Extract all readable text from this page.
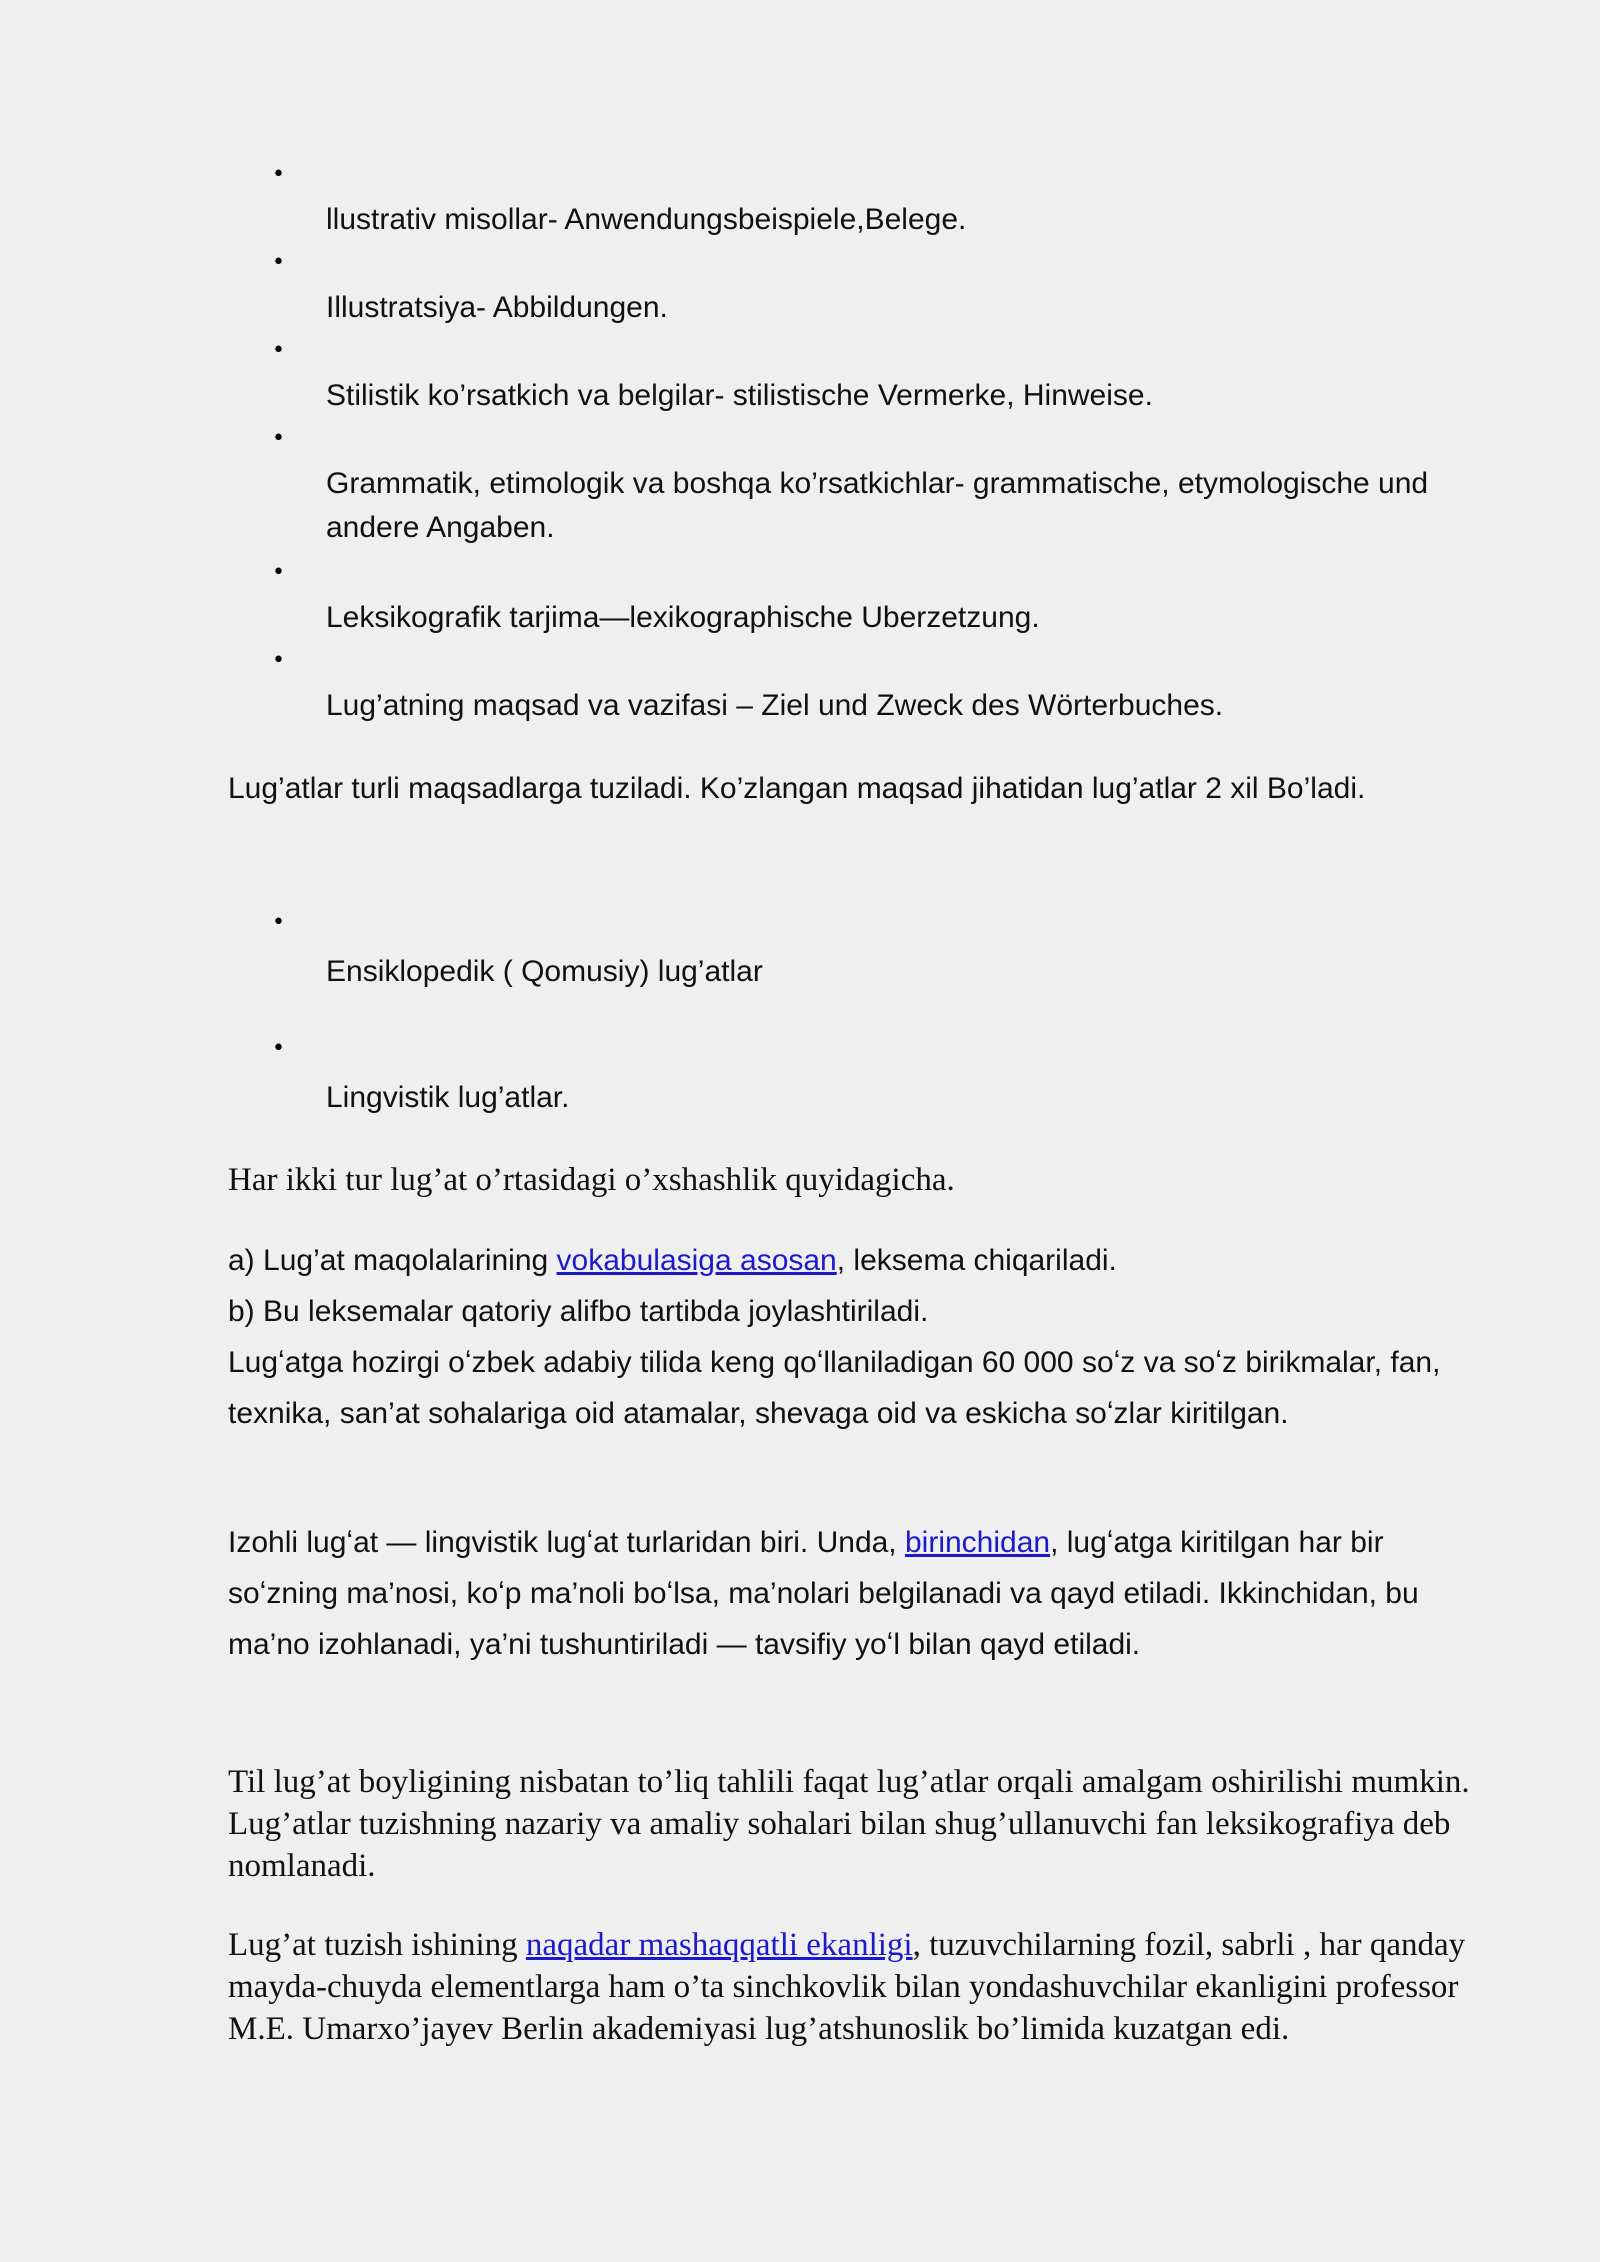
•
llustrativ misollar- Anwendungsbeispiele,Belege.
•
Illustratsiya- Abbildungen.
•
Stilistik ko’rsatkich va belgilar- stilistische Vermerke, Hinweise.
•
Grammatik, etimologik va boshqa ko’rsatkichlar- grammatische, etymologische und andere Angaben.
•
Leksikografik tarjima—lexikographische Uberzetzung.
•
Lug’atning maqsad va vazifasi – Ziel und Zweck des Wörterbuches.
Lug’atlar turli maqsadlarga tuziladi. Ko’zlangan maqsad jihatidan lug’atlar 2 xil Bo’ladi.
•
Ensiklopedik ( Qomusiy) lug’atlar
•
Lingvistik lug’atlar.
Har ikki tur lug’at o’rtasidagi o’xshashlik quyidagicha.
a) Lug’at maqolalarining vokabulasiga asosan, leksema chiqariladi.
b) Bu leksemalar qatoriy alifbo tartibda joylashtiriladi.
Lugʻatga hozirgi oʻzbek adabiy tilida keng qoʻllaniladigan 60 000 soʻz va soʻz birikmalar, fan, texnika, san’at sohalariga oid atamalar, shevaga oid va eskicha soʻzlar kiritilgan.
Izohli lugʻat — lingvistik lugʻat turlaridan biri. Unda, birinchidan, lugʻatga kiritilgan har bir soʻzning ma’nosi, koʻp ma’noli boʻlsa, ma’nolari belgilanadi va qayd etiladi. Ikkinchidan, bu ma’no izohlanadi, ya’ni tushuntiriladi — tavsifiy yoʻl bilan qayd etiladi.
Til lug’at boyligining nisbatan to’liq tahlili faqat lug’atlar orqali amalgam oshirilishi mumkin. Lug’atlar tuzishning nazariy va amaliy sohalari bilan shug’ullanuvchi fan leksikografiya deb nomlanadi.
Lug’at tuzish ishining naqadar mashaqqatli ekanligi, tuzuvchilarning fozil, sabrli , har qanday mayda-chuyda elementlarga ham o’ta sinchkovlik bilan yondashuvchilar ekanligini professor
M.E. Umarxo’jayev Berlin akademiyasi lug’atshunoslik bo’limida kuzatgan edi.
